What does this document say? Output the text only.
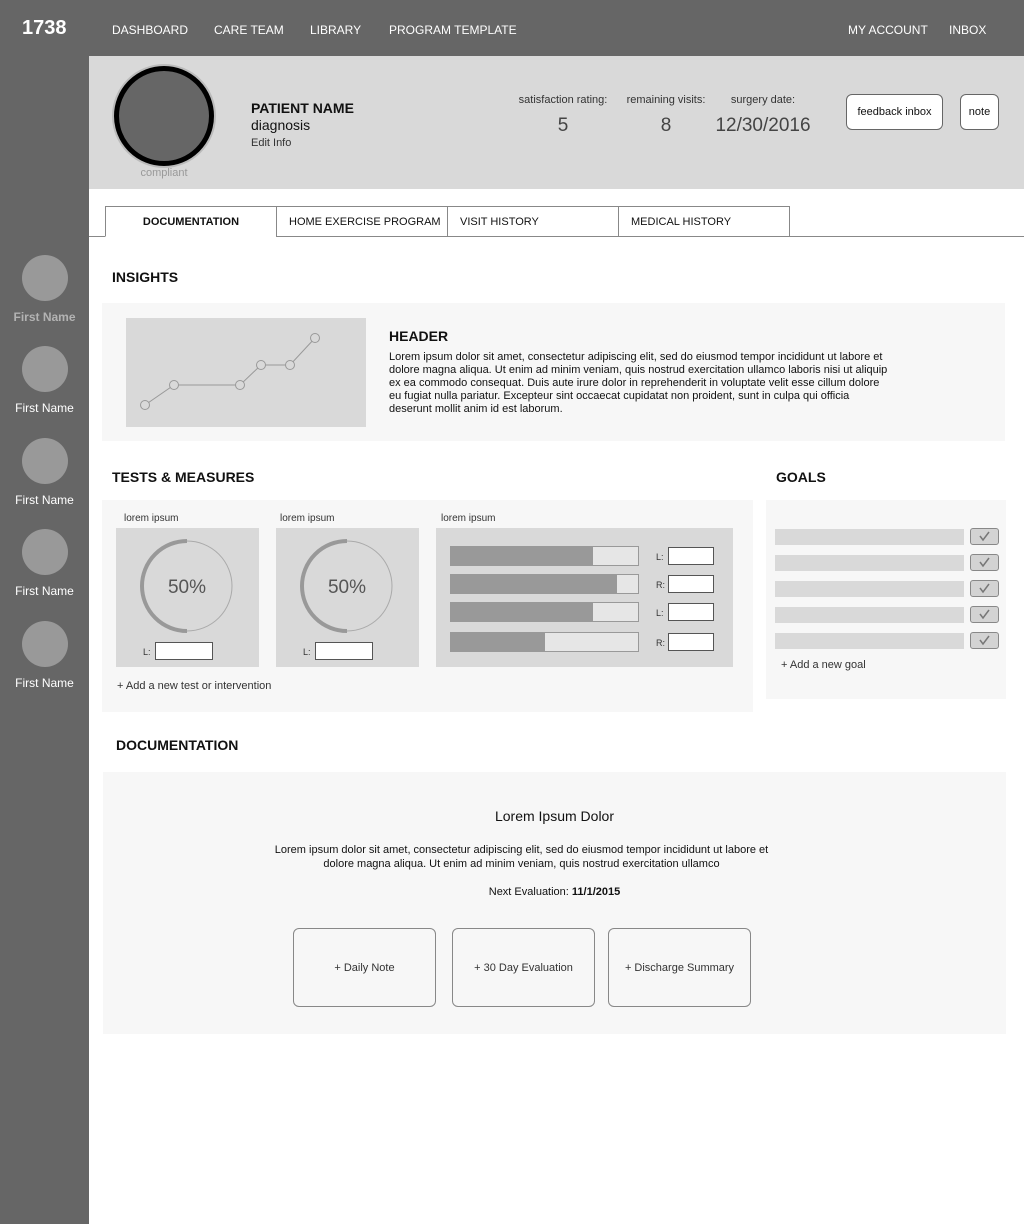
1738	DASHBOARD CARE TEAM LIBRARY PROGRAM TEMPLATE	MY ACCOUNT INBOX
First Name
First Name
First Name
First Name
First Name
compliant
PATIENT NAME
diagnosis
Edit Info
satisfaction rating:
5
remaining visits:
8
surgery date:
12/30/2016
feedback inbox	note
DOCUMENTATION	HOME EXERCISE PROGRAM	VISIT HISTORY	MEDICAL HISTORY
INSIGHTS
HEADER
Lorem ipsum dolor sit amet, consectetur adipiscing elit, sed do eiusmod tempor incididunt ut labore et dolore magna aliqua. Ut enim ad minim veniam, quis nostrud exercitation ullamco laboris nisi ut aliquip ex ea commodo consequat. Duis aute irure dolor in reprehenderit in voluptate velit esse cillum dolore eu fugiat nulla pariatur. Excepteur sint occaecat cupidatat non proident, sunt in culpa qui officia deserunt mollit anim id est laborum.
TESTS & MEASURES
lorem ipsum
50%
L:
lorem ipsum
50%
L:
lorem ipsum
L:
R:
L:
R:
+ Add a new test or intervention
GOALS
+ Add a new goal
DOCUMENTATION
Lorem Ipsum Dolor
Lorem ipsum dolor sit amet, consectetur adipiscing elit, sed do eiusmod tempor incididunt ut labore et dolore magna aliqua. Ut enim ad minim veniam, quis nostrud exercitation ullamco
Next Evaluation: 11/1/2015
+ Daily Note	+ 30 Day Evaluation	+ Discharge Summary
